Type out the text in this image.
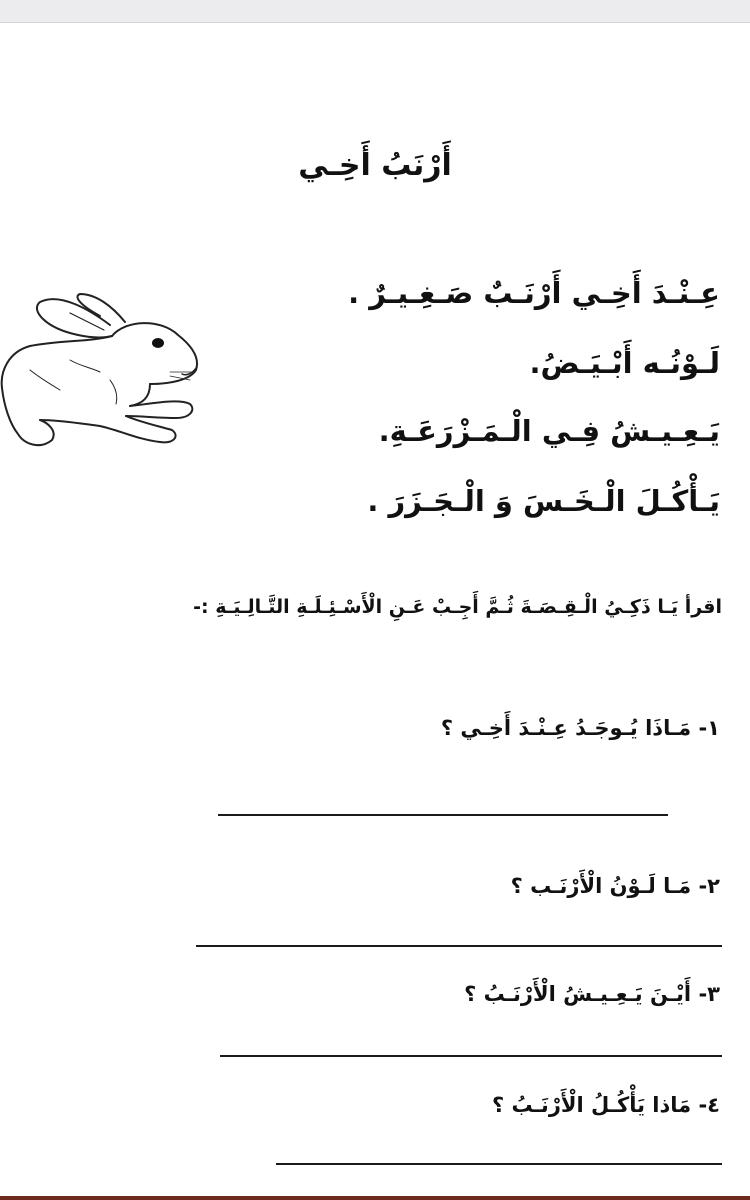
أَرْنَبُ أَخِـي
عِـنْـدَ أَخِـي أَرْنَـبٌ صَـغِـيـرٌ .
لَـوْنُـه أَبْـيَـضُ.
يَـعِـيـشُ فِـي الْـمَـزْرَعَـةِ.
يَـأْكُـلَ الْـخَـسَ وَ الْـجَـزَرَ .
اقرأ يَـا ذَكِـيُ الْـقِـصَـةَ ثُـمَّ أَجِـبْ عَـنِ الْأَسْـئِـلَـةِ التَّـالِـيَـةِ :-
١- مَـاذَا يُـوجَـدُ عِـنْـدَ أَخِـي ؟
٢- مَـا لَـوْنُ الْأَرْنَـب ؟
٣- أَيْـنَ يَـعِـيـشُ الْأَرْنَـبُ ؟
٤- مَاذا يَأْكُـلُ الْأَرْنَـبُ ؟
